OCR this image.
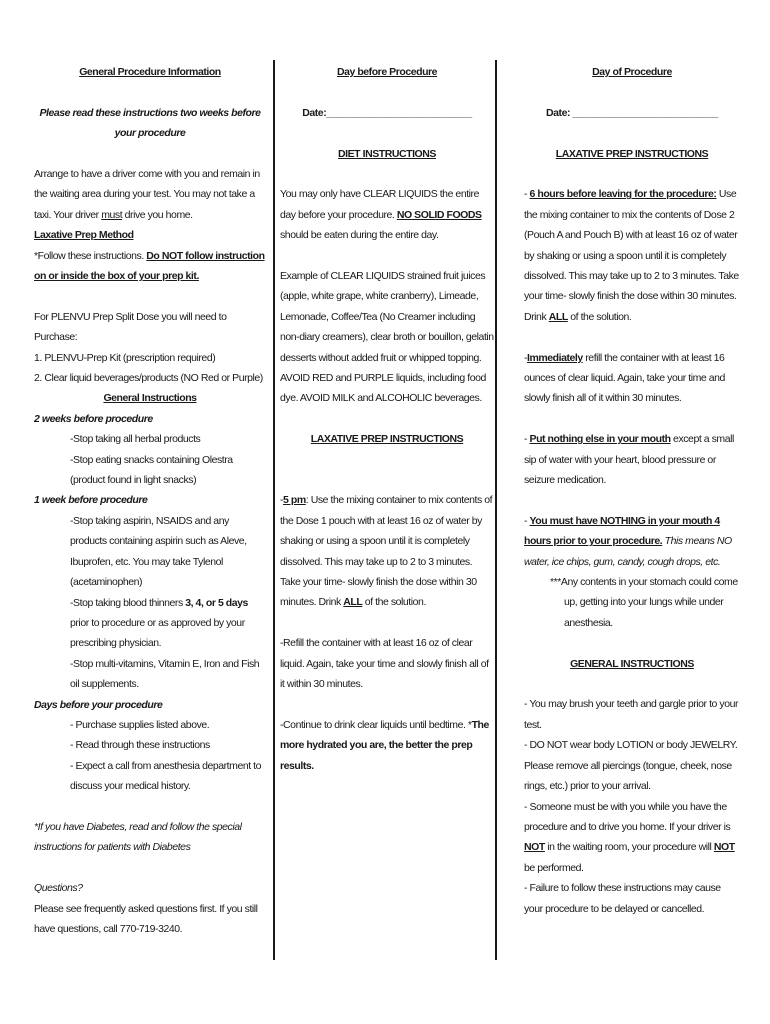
General Procedure Information
Please read these instructions two weeks before your procedure
Arrange to have a driver come with you and remain in the waiting area during your test. You may not take a taxi. Your driver must drive you home.
Laxative Prep Method
*Follow these instructions. Do NOT follow instruction on or inside the box of your prep kit.
For PLENVU Prep Split Dose you will need to Purchase:
1. PLENVU-Prep Kit (prescription required)
2. Clear liquid beverages/products (NO Red or Purple)
General Instructions
2 weeks before procedure
-Stop taking all herbal products
-Stop eating snacks containing Olestra (product found in light snacks)
1 week before procedure
-Stop taking aspirin, NSAIDS and any products containing aspirin such as Aleve, Ibuprofen, etc. You may take Tylenol (acetaminophen)
-Stop taking blood thinners 3, 4, or 5 days prior to procedure or as approved by your prescribing physician.
-Stop multi-vitamins, Vitamin E, Iron and Fish oil supplements.
Days before your procedure
- Purchase supplies listed above.
- Read through these instructions
- Expect a call from anesthesia department to discuss your medical history.
*If you have Diabetes, read and follow the special instructions for patients with Diabetes
Questions?
Please see frequently asked questions first. If you still have questions, call 770-719-3240.
Day before Procedure
Date:___________________________
DIET INSTRUCTIONS
You may only have CLEAR LIQUIDS the entire day before your procedure. NO SOLID FOODS should be eaten during the entire day.
Example of CLEAR LIQUIDS strained fruit juices (apple, white grape, white cranberry), Limeade, Lemonade, Coffee/Tea (No Creamer including non-diary creamers), clear broth or bouillon, gelatin desserts without added fruit or whipped topping. AVOID RED and PURPLE liquids, including food dye. AVOID MILK and ALCOHOLIC beverages.
LAXATIVE PREP INSTRUCTIONS
-5 pm: Use the mixing container to mix contents of the Dose 1 pouch with at least 16 oz of water by shaking or using a spoon until it is completely dissolved. This may take up to 2 to 3 minutes. Take your time- slowly finish the dose within 30 minutes. Drink ALL of the solution.
-Refill the container with at least 16 oz of clear liquid. Again, take your time and slowly finish all of it within 30 minutes.
-Continue to drink clear liquids until bedtime. *The more hydrated you are, the better the prep results.
Day of Procedure
Date: ___________________________
LAXATIVE PREP INSTRUCTIONS
- 6 hours before leaving for the procedure: Use the mixing container to mix the contents of Dose 2 (Pouch A and Pouch B) with at least 16 oz of water by shaking or using a spoon until it is completely dissolved. This may take up to 2 to 3 minutes. Take your time- slowly finish the dose within 30 minutes. Drink ALL of the solution.
-Immediately refill the container with at least 16 ounces of clear liquid. Again, take your time and slowly finish all of it within 30 minutes.
- Put nothing else in your mouth except a small sip of water with your heart, blood pressure or seizure medication.
- You must have NOTHING in your mouth 4 hours prior to your procedure. This means NO water, ice chips, gum, candy, cough drops, etc.
***Any contents in your stomach could come up, getting into your lungs while under anesthesia.
GENERAL INSTRUCTIONS
- You may brush your teeth and gargle prior to your test.
- DO NOT wear body LOTION or body JEWELRY. Please remove all piercings (tongue, cheek, nose rings, etc.) prior to your arrival.
- Someone must be with you while you have the procedure and to drive you home. If your driver is NOT in the waiting room, your procedure will NOT be performed.
- Failure to follow these instructions may cause your procedure to be delayed or cancelled.
